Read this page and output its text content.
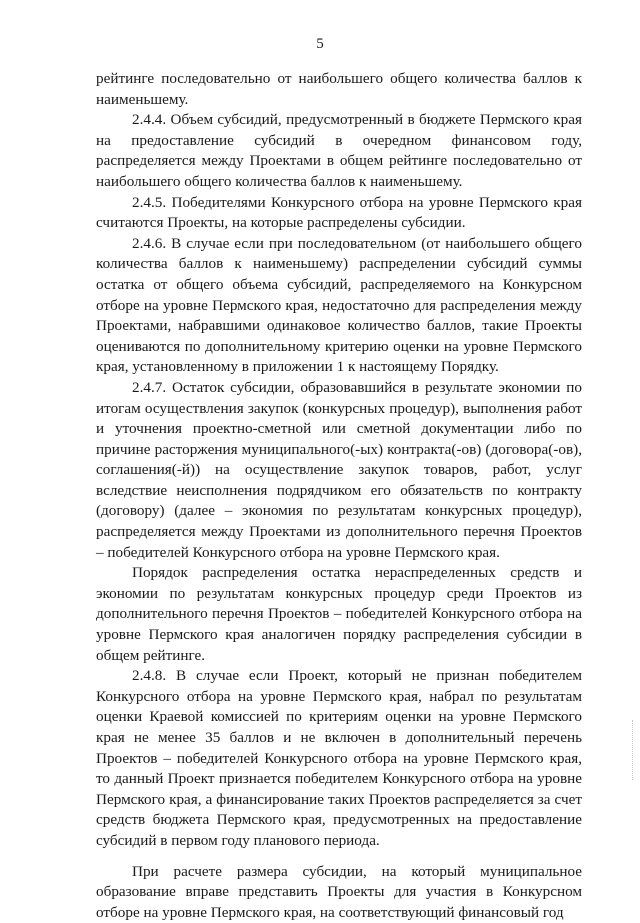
5

рейтинге последовательно от наибольшего общего количества баллов к наименьшему.

2.4.4. Объем субсидий, предусмотренный в бюджете Пермского края на предоставление субсидий в очередном финансовом году, распределяется между Проектами в общем рейтинге последовательно от наибольшего общего количества баллов к наименьшему.

2.4.5. Победителями Конкурсного отбора на уровне Пермского края считаются Проекты, на которые распределены субсидии.

2.4.6. В случае если при последовательном (от наибольшего общего количества баллов к наименьшему) распределении субсидий суммы остатка от общего объема субсидий, распределяемого на Конкурсном отборе на уровне Пермского края, недостаточно для распределения между Проектами, набравшими одинаковое количество баллов, такие Проекты оцениваются по дополнительному критерию оценки на уровне Пермского края, установленному в приложении 1 к настоящему Порядку.

2.4.7. Остаток субсидии, образовавшийся в результате экономии по итогам осуществления закупок (конкурсных процедур), выполнения работ и уточнения проектно-сметной или сметной документации либо по причине расторжения муниципального(-ых) контракта(-ов) (договора(-ов), соглашения(-й)) на осуществление закупок товаров, работ, услуг вследствие неисполнения подрядчиком его обязательств по контракту (договору) (далее – экономия по результатам конкурсных процедур), распределяется между Проектами из дополнительного перечня Проектов – победителей Конкурсного отбора на уровне Пермского края.

Порядок распределения остатка нераспределенных средств и экономии по результатам конкурсных процедур среди Проектов из дополнительного перечня Проектов – победителей Конкурсного отбора на уровне Пермского края аналогичен порядку распределения субсидии в общем рейтинге.

2.4.8. В случае если Проект, который не признан победителем Конкурсного отбора на уровне Пермского края, набрал по результатам оценки Краевой комиссией по критериям оценки на уровне Пермского края не менее 35 баллов и не включен в дополнительный перечень Проектов – победителей Конкурсного отбора на уровне Пермского края, то данный Проект признается победителем Конкурсного отбора на уровне Пермского края, а финансирование таких Проектов распределяется за счет средств бюджета Пермского края, предусмотренных на предоставление субсидий в первом году планового периода.

При расчете размера субсидии, на который муниципальное образование вправе представить Проекты для участия в Конкурсном отборе на уровне Пермского края, на соответствующий финансовый год
